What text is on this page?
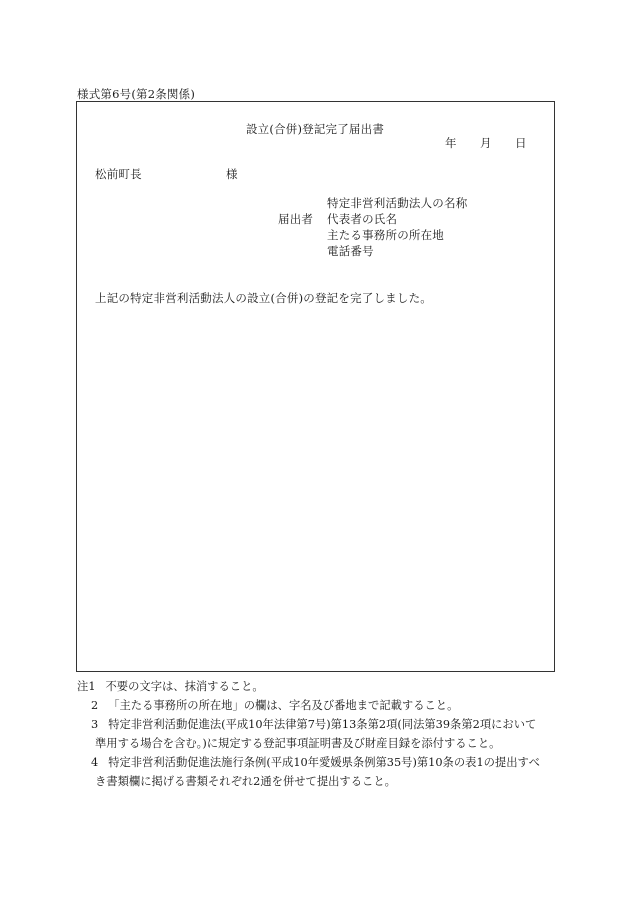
様式第6号(第2条関係)
設立(合併)登記完了届出書
年 月 日
松前町長	様
届出者
特定非営利活動法人の名称
代表者の氏名
主たる事務所の所在地
電話番号
上記の特定非営利活動法人の設立(合併)の登記を完了しました。
注1 不要の文字は、抹消すること。
2 「主たる事務所の所在地」の欄は、字名及び番地まで記載すること。
3 特定非営利活動促進法(平成10年法律第7号)第13条第2項(同法第39条第2項において
準用する場合を含む。)に規定する登記事項証明書及び財産目録を添付すること。
4 特定非営利活動促進法施行条例(平成10年愛媛県条例第35号)第10条の表1の提出すべ
き書類欄に掲げる書類それぞれ2通を併せて提出すること。
